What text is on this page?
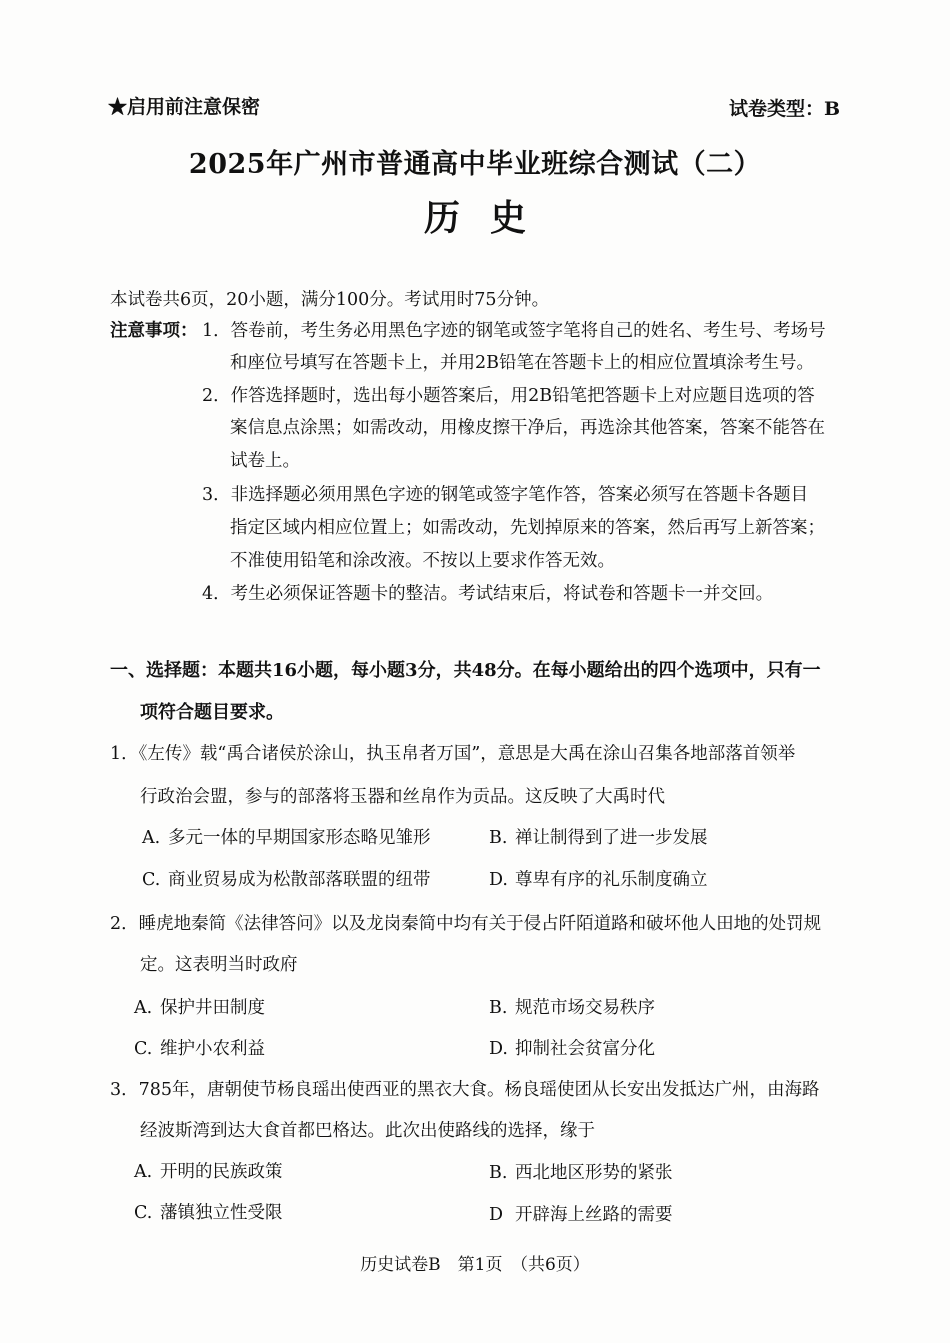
★启用前注意保密	试卷类型：B
2025年广州市普通高中毕业班综合测试（二）
历史
本试卷共6页，20小题，满分100分。考试用时75分钟。
注意事项： 1．答卷前，考生务必用黑色字迹的钢笔或签字笔将自己的姓名、考生号、考场号
和座位号填写在答题卡上，并用2B铅笔在答题卡上的相应位置填涂考生号。
2．作答选择题时，选出每小题答案后，用2B铅笔把答题卡上对应题目选项的答
案信息点涂黑；如需改动，用橡皮擦干净后，再选涂其他答案，答案不能答在
试卷上。
3．非选择题必须用黑色字迹的钢笔或签字笔作答，答案必须写在答题卡各题目
指定区域内相应位置上；如需改动，先划掉原来的答案，然后再写上新答案；
不准使用铅笔和涂改液。不按以上要求作答无效。
4．考生必须保证答题卡的整洁。考试结束后，将试卷和答题卡一并交回。
一、选择题：本题共16小题，每小题3分，共48分。在每小题给出的四个选项中，只有一
项符合题目要求。
1．《左传》载“禹合诸侯於涂山，执玉帛者万国”，意思是大禹在涂山召集各地部落首领举
行政治会盟，参与的部落将玉器和丝帛作为贡品。这反映了大禹时代
A. 多元一体的早期国家形态略见雏形	B. 禅让制得到了进一步发展
C. 商业贸易成为松散部落联盟的纽带	D. 尊卑有序的礼乐制度确立
2．睡虎地秦简《法律答问》以及龙岗秦简中均有关于侵占阡陌道路和破坏他人田地的处罚规
定。这表明当时政府
A. 保护井田制度	B. 规范市场交易秩序
C. 维护小农利益	D. 抑制社会贫富分化
3．785年，唐朝使节杨良瑶出使西亚的黑衣大食。杨良瑶使团从长安出发抵达广州，由海路
经波斯湾到达大食首都巴格达。此次出使路线的选择，缘于
A. 开明的民族政策	B. 西北地区形势的紧张
C. 藩镇独立性受限	D 开辟海上丝路的需要
历史试卷B　第1页　（共6页）
